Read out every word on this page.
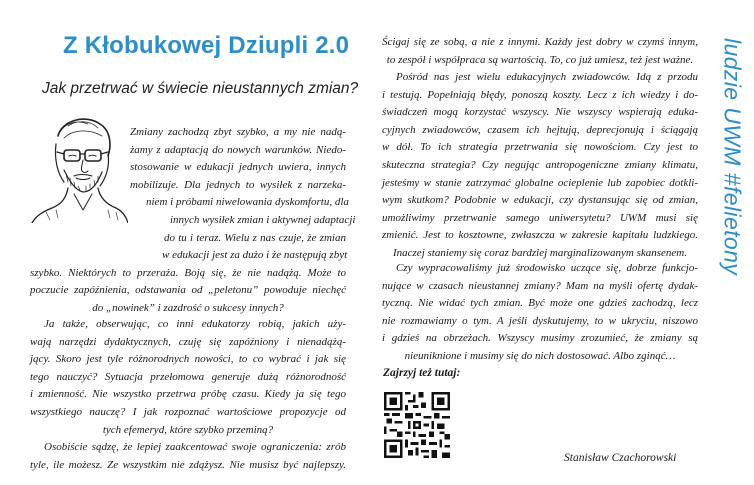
Z Kłobukowej Dziupli 2.0
Jak przetrwać w świecie nieustannych zmian?
Zmiany zachodzą zbyt szybko, a my nie nadą-
żamy z adaptacją do nowych warunków. Niedo-
stosowanie w edukacji jednych uwiera, innych
mobilizuje. Dla jednych to wysiłek z narzeka-
niem i próbami niwelowania dyskomfortu, dla
innych wysiłek zmian i aktywnej adaptacji
do tu i teraz. Wielu z nas czuje, że zmian
w edukacji jest za dużo i że następują zbyt
szybko. Niektórych to przeraża. Boją się, że nie nadążą. Może to
poczucie zapóźnienia, odstawania od „peletonu” powoduje niechęć
do „nowinek” i zazdrość o sukcesy innych?
Ja także, obserwując, co inni edukatorzy robią, jakich uży-
wają narzędzi dydaktycznych, czuję się zapóźniony i nienadążą-
jący. Skoro jest tyle różnorodnych nowości, to co wybrać i jak się
tego nauczyć? Sytuacja przełomowa generuje dużą różnorodność
i zmienność. Nie wszystko przetrwa próbę czasu. Kiedy ja się tego
wszystkiego nauczę? I jak rozpoznać wartościowe propozycje od
tych efemeryd, które szybko przeminą?
Osobiście sądzę, że lepiej zaakcentować swoje ograniczenia: zrób
tyle, ile możesz. Ze wszystkim nie zdążysz. Nie musisz być najlepszy.
Ścigaj się ze sobą, a nie z innymi. Każdy jest dobry w czymś innym,
to zespół i współpraca są wartością. To, co już umiesz, też jest ważne.
Pośród nas jest wielu edukacyjnych zwiadowców. Idą z przodu
i testują. Popełniają błędy, ponoszą koszty. Lecz z ich wiedzy i do-
świadczeń mogą korzystać wszyscy. Nie wszyscy wspierają eduka-
cyjnych zwiadowców, czasem ich hejtują, deprecjonują i ściągają
w dół. To ich strategia przetrwania się nowościom. Czy jest to
skuteczna strategia? Czy negując antropogeniczne zmiany klimatu,
jesteśmy w stanie zatrzymać globalne ocieplenie lub zapobiec dotkli-
wym skutkom? Podobnie w edukacji, czy dystansując się od zmian,
umożliwimy przetrwanie samego uniwersytetu? UWM musi się
zmienić. Jest to kosztowne, zwłaszcza w zakresie kapitału ludzkiego.
Inaczej staniemy się coraz bardziej marginalizowanym skansenem.
Czy wypracowaliśmy już środowisko uczące się, dobrze funkcjo-
nujące w czasach nieustannej zmiany? Mam na myśli ofertę dydak-
tyczną. Nie widać tych zmian. Być może one gdzieś zachodzą, lecz
nie rozmawiamy o tym. A jeśli dyskutujemy, to w ukryciu, niszowo
i gdzieś na obrzeżach. Wszyscy musimy zrozumieć, że zmiany są
nieuniknione i musimy się do nich dostosować. Albo zginąć…
ludzie UWM #felietony
Zajrzyj też tutaj:
Stanisław Czachorowski
